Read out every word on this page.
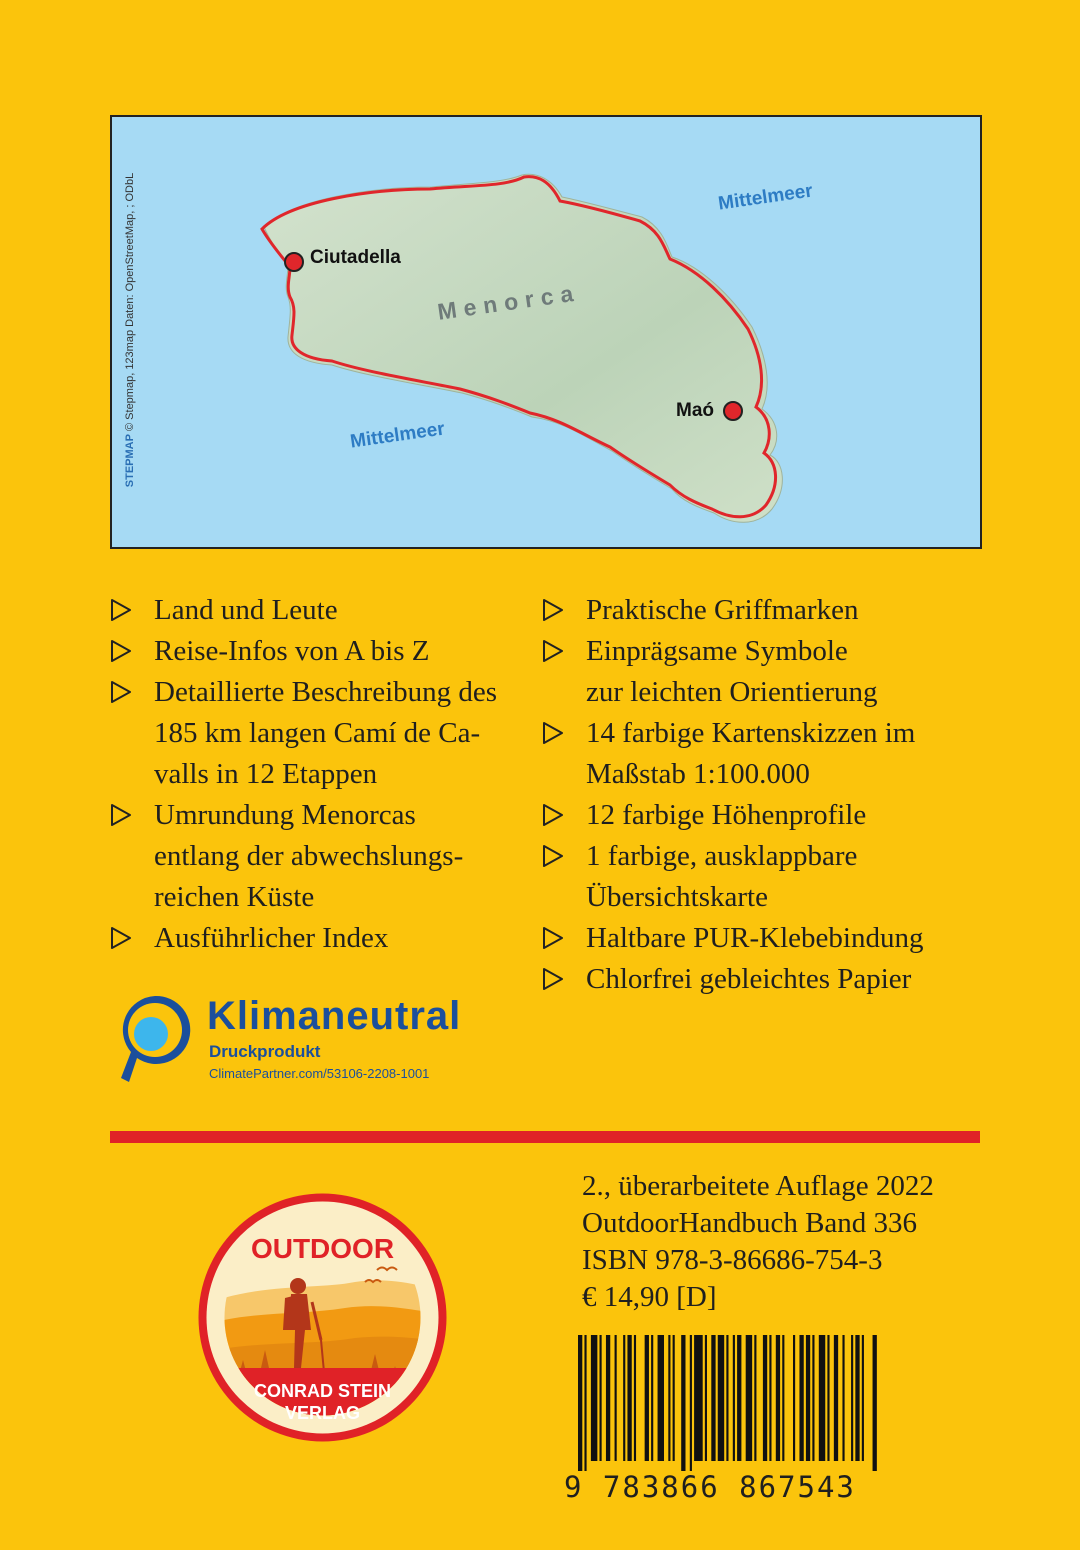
STEPMAP © Stepmap, 123map Daten: OpenStreetMap, ; ODbL	Mittelmeer
Mittelmeer
Menorca
Ciutadella
Maó
Land und Leute
Reise-Infos von A bis Z
Detaillierte Beschreibung des
185 km langen Camí de Ca-
valls in 12 Etappen
Umrundung Menorcas
entlang der abwechslungs-
reichen Küste
Ausführlicher Index
Praktische Griffmarken
Einprägsame Symbole
zur leichten Orientierung
14 farbige Kartenskizzen im
Maßstab 1:100.000
12 farbige Höhenprofile
1 farbige, ausklappbare
Übersichtskarte
Haltbare PUR-Klebebindung
Chlorfrei gebleichtes Papier
Klimaneutral
Druckprodukt
ClimatePartner.com/53106-2208-1001
2., überarbeitete Auflage 2022
OutdoorHandbuch Band 336
ISBN 978-3-86686-754-3
€ 14,90 [D]
9 783866 867543
OUTDOOR
CONRAD STEIN
VERLAG
